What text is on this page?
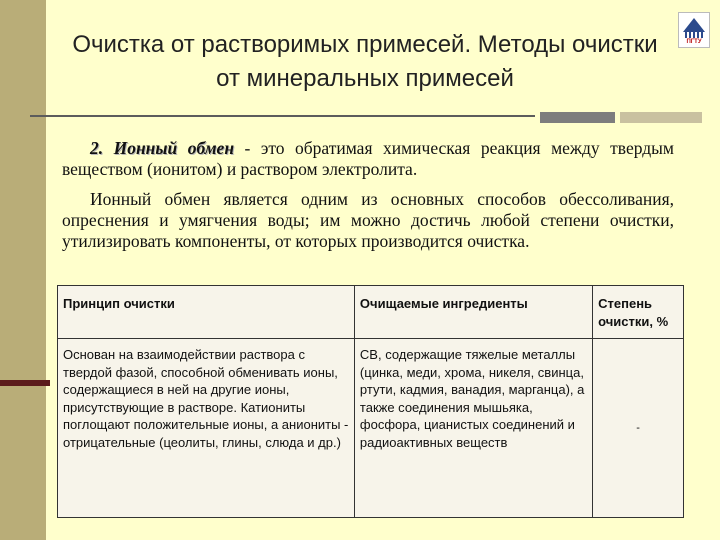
ПГТУ
Очистка от растворимых примесей. Методы очистки от минеральных примесей

2. Ионный обмен - это обратимая химическая реакция между твердым веществом (ионитом) и раствором электролита.

Ионный обмен является одним из основных способов обессоливания, опреснения и умягчения воды; им можно достичь любой степени очистки, утилизировать компоненты, от которых производится очистка.

Принцип очистки	Очищаемые ингредиенты	Степень очистки, %
Основан на взаимодействии раствора с твердой фазой, способной обменивать ионы, содержащиеся в ней на другие ионы, присутствующие в растворе. Катиониты поглощают положительные ионы, а аниониты - отрицательные (цеолиты, глины, слюда и др.)	СВ, содержащие тяжелые металлы (цинка, меди, хрома, никеля, свинца, ртути, кадмия, ванадия, марганца), а также соединения мышьяка, фосфора, цианистых соединений и радиоактивных веществ	-
